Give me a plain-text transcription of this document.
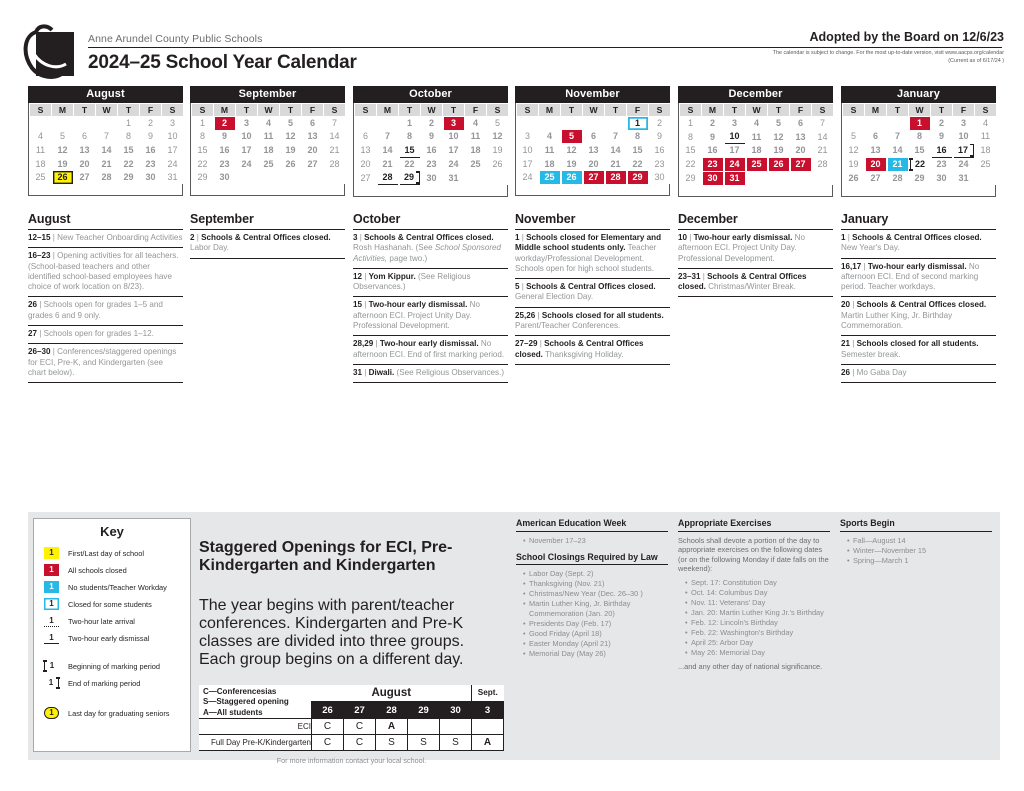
Anne Arundel County Public Schools
2024–25 School Year Calendar
Adopted by the Board on 12/6/23
The calendar is subject to change. For the most up-to-date version, visit www.aacps.org/calendar
(Current as of 6/17/24 )
August
S	M	T	W	T	F	S
				1	2	3
4	5	6	7	8	9	10
11	12	13	14	15	16	17
18	19	20	21	22	23	24
25	26	27	28	29	30	31
September
S	M	T	W	T	F	S
1	2	3	4	5	6	7
8	9	10	11	12	13	14
15	16	17	18	19	20	21
22	23	24	25	26	27	28
29	30					
October
S	M	T	W	T	F	S
		1	2	3	4	5
6	7	8	9	10	11	12
13	14	15	16	17	18	19
20	21	22	23	24	25	26
27	28	29	30	31		
November
S	M	T	W	T	F	S
					1	2
3	4	5	6	7	8	9
10	11	12	13	14	15	16
17	18	19	20	21	22	23
24	25	26	27	28	29	30
December
S	M	T	W	T	F	S
1	2	3	4	5	6	7
8	9	10	11	12	13	14
15	16	17	18	19	20	21
22	23	24	25	26	27	28
29	30	31				
January
S	M	T	W	T	F	S
			1	2	3	4
5	6	7	8	9	10	11
12	13	14	15	16	17	18
19	20	21	22	23	24	25
26	27	28	29	30	31	
August
12–15 | New Teacher Onboarding Activities
16–23 | Opening activities for all teachers. (School-based teachers and other identified school-based employees have choice of work location on 8/23).
26 | Schools open for grades 1–5 and grades 6 and 9 only.
27 | Schools open for grades 1–12.
26–30 | Conferences/staggered openings for ECI, Pre-K, and Kindergarten (see chart below).
September
2 | Schools & Central Offices closed. Labor Day.
October
3 | Schools & Central Offices closed. Rosh Hashanah. (See School Sponsored Activities, page two.)
12 | Yom Kippur. (See Religious Observances.)
15 | Two-hour early dismissal. No afternoon ECI. Project Unity Day. Professional Development.
28,29 | Two-hour early dismissal. No afternoon ECI. End of first marking period.
31 | Diwali. (See Religious Observances.)
November
1 | Schools closed for Elementary and Middle school students only. Teacher workday/Professional Development. Schools open for high school students.
5 | Schools & Central Offices closed. General Election Day.
25,26 | Schools closed for all students. Parent/Teacher Conferences.
27–29 | Schools & Central Offices closed. Thanksgiving Holiday.
December
10 | Two-hour early dismissal. No afternoon ECI. Project Unity Day. Professional Development.
23–31 | Schools & Central Offices closed. Christmas/Winter Break.
January
1 | Schools & Central Offices closed. New Year's Day.
16,17 | Two-hour early dismissal. No afternoon ECI. End of second marking period. Teacher workdays.
20 | Schools & Central Offices closed. Martin Luther King, Jr. Birthday Commemoration.
21 | Schools closed for all students. Semester break.
26 | Mo Gaba Day
Key
1	First/Last day of school
1	All schools closed
1	No students/Teacher Workday
1	Closed for some students
1	Two-hour late arrival
1	Two-hour early dismissal
1	Beginning of marking period
1	End of marking period
1	Last day for graduating seniors
Staggered Openings for ECI, Pre-Kindergarten and Kindergarten

The year begins with parent/teacher conferences. Kindergarten and Pre-K classes are divided into three groups. Each group begins on a different day.

C—Conferencesias
S—Staggered opening
A—All students	August					Sept.
	26	27	28	29	30	3
ECI	C	C	A			
Full Day Pre-K/Kindergarten	C	C	S	S	S	A
For more information contact your local school.
American Education Week
• November 17–23
School Closings Required by Law
• Labor Day (Sept. 2)
• Thanksgiving (Nov. 21)
• Christmas/New Year (Dec. 26–30 )
• Martin Luther King, Jr. Birthday Commemoration (Jan. 20)
• Presidents Day (Feb. 17)
• Good Friday (April 18)
• Easter Monday (April 21)
• Memorial Day (May 26)
Appropriate Exercises

Schools shall devote a portion of the day to appropriate exercises on the following dates (or on the following Monday if date falls on the weekend):

• Sept. 17: Constitution Day
• Oct. 14: Columbus Day
• Nov. 11: Veterans' Day
• Jan. 20: Martin Luther King Jr.'s Birthday
• Feb. 12: Lincoln's Birthday
• Feb. 22: Washington's Birthday
• April 25: Arbor Day
• May 26: Memorial Day

...and any other day of national significance.

Sports Begin
• Fall—August 14
• Winter—November 15
• Spring—March 1
